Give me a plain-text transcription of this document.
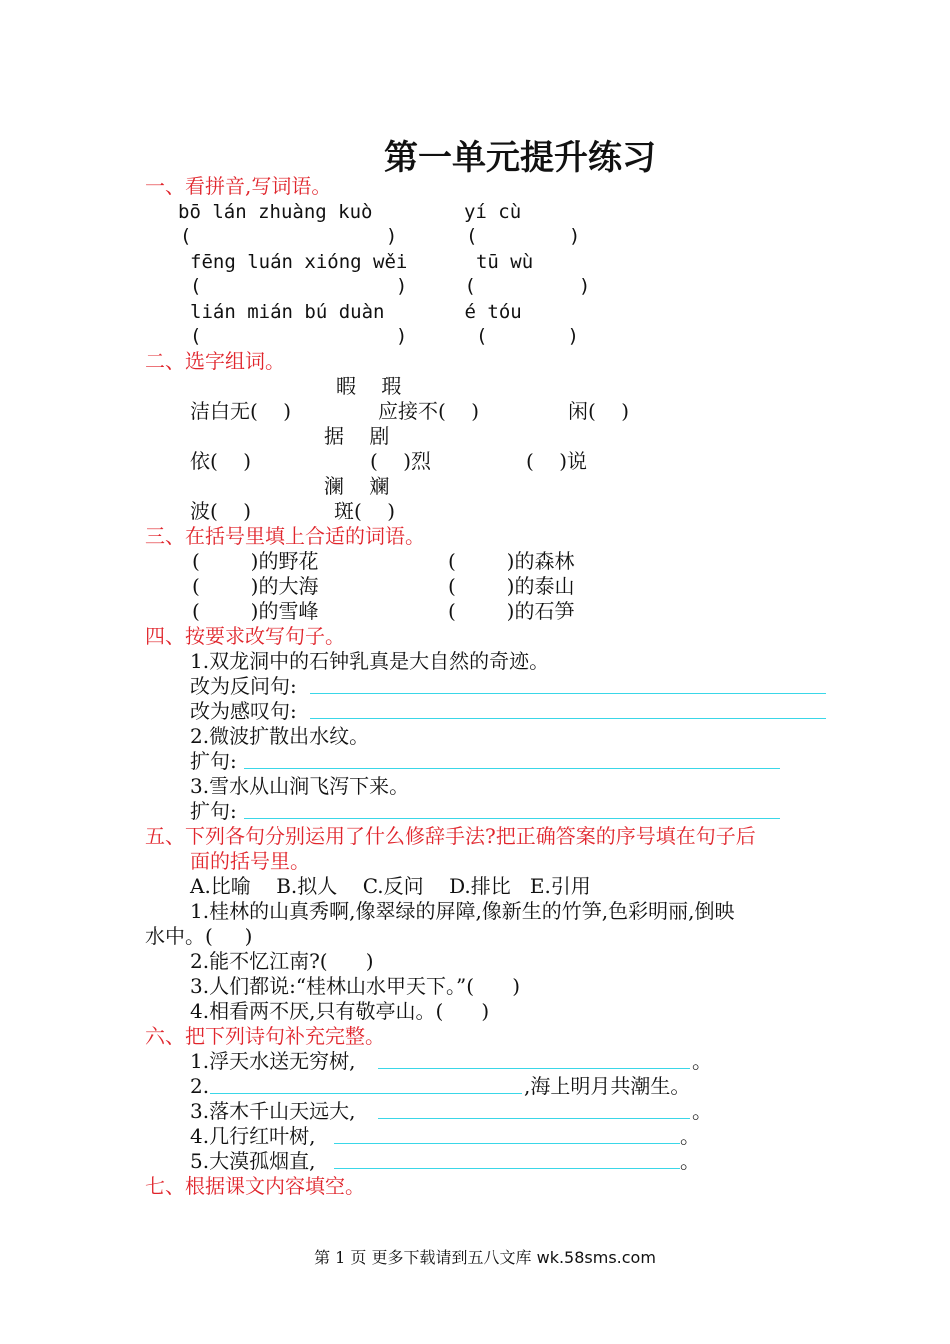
第一单元提升练习
一、看拼音,写词语。
bō lán zhuàng kuò        yí cù
(                 )      (        )
fēng luán xióng wěi      tū wù
(                 )     (         )
lián mián bú duàn       é tóu
(                 )      (       )
二、选字组词。
暇    瑕
洁白无(    )	应接不(    )	闲(    )
据    剧
依(    )	(    )烈	(    )说
澜    斓
波(    )	斑(    )
三、在括号里填上合适的词语。
(        )的野花	(        )的森林
(        )的大海	(        )的泰山
(        )的雪峰	(        )的石笋
四、按要求改写句子。
1.双龙洞中的石钟乳真是大自然的奇迹。
改为反问句:
改为感叹句:
2.微波扩散出水纹。
扩句:
3.雪水从山涧飞泻下来。
扩句:
五、下列各句分别运用了什么修辞手法?把正确答案的序号填在句子后
面的括号里。
A.比喻    B.拟人    C.反问    D.排比   E.引用
1.桂林的山真秀啊,像翠绿的屏障,像新生的竹笋,色彩明丽,倒映
水中。(     )
2.能不忆江南?(      )
3.人们都说:“桂林山水甲天下。”(      )
4.相看两不厌,只有敬亭山。(      )
六、把下列诗句补充完整。
1.浮天水送无穷树,	。
2.	,海上明月共潮生。
3.落木千山天远大,	。
4.几行红叶树,	。
5.大漠孤烟直,	。
七、根据课文内容填空。
第 1 页 更多下载请到五八文库 wk.58sms.com
